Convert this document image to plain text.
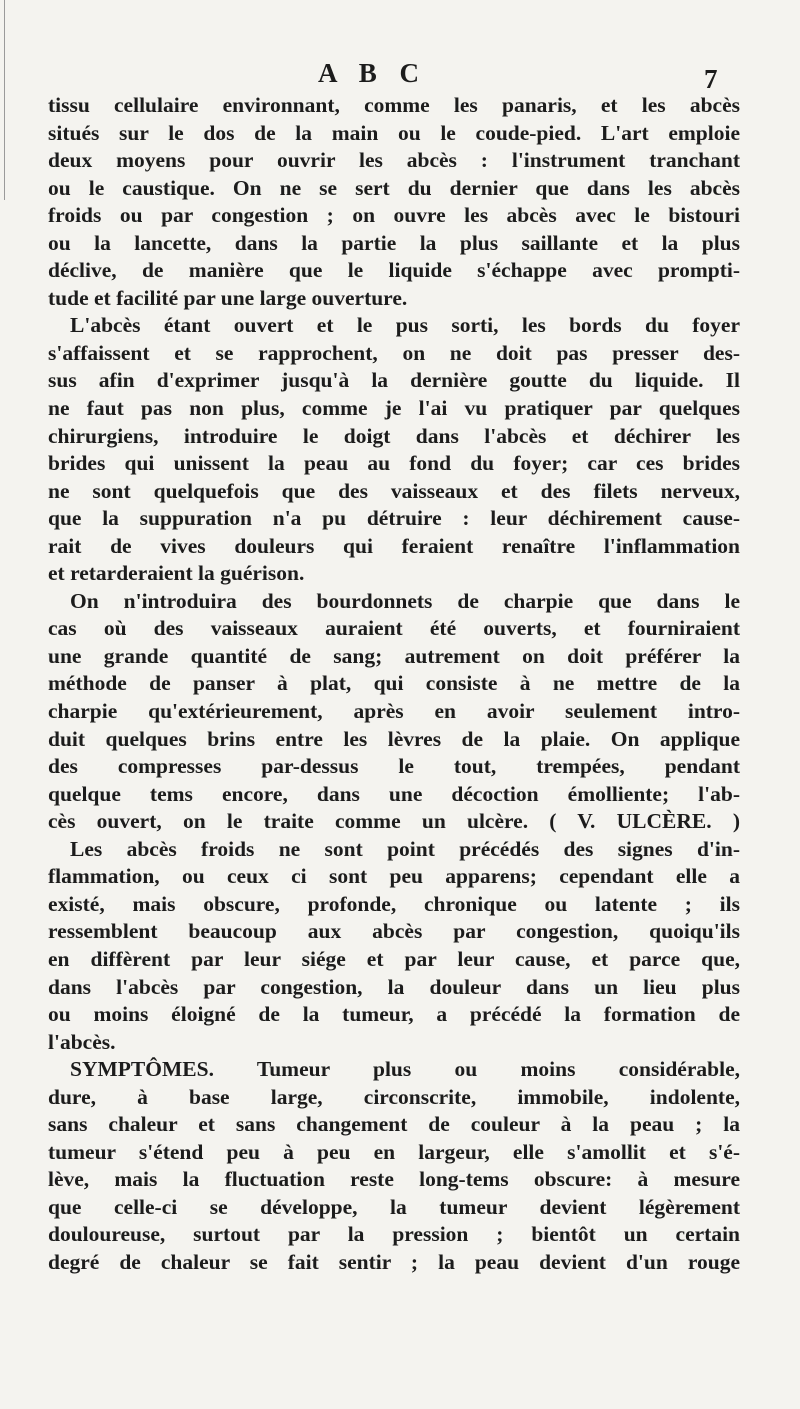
A B C	7
tissu cellulaire environnant, comme les panaris, et les abcès
situés sur le dos de la main ou le coude-pied. L'art emploie
deux moyens pour ouvrir les abcès : l'instrument tranchant
ou le caustique. On ne se sert du dernier que dans les abcès
froids ou par congestion ; on ouvre les abcès avec le bistouri
ou la lancette, dans la partie la plus saillante et la plus
déclive, de manière que le liquide s'échappe avec prompti-
tude et facilité par une large ouverture.
L'abcès étant ouvert et le pus sorti, les bords du foyer
s'affaissent et se rapprochent, on ne doit pas presser des-
sus afin d'exprimer jusqu'à la dernière goutte du liquide. Il
ne faut pas non plus, comme je l'ai vu pratiquer par quelques
chirurgiens, introduire le doigt dans l'abcès et déchirer les
brides qui unissent la peau au fond du foyer; car ces brides
ne sont quelquefois que des vaisseaux et des filets nerveux,
que la suppuration n'a pu détruire : leur déchirement cause-
rait de vives douleurs qui feraient renaître l'inflammation
et retarderaient la guérison.
On n'introduira des bourdonnets de charpie que dans le
cas où des vaisseaux auraient été ouverts, et fourniraient
une grande quantité de sang; autrement on doit préférer la
méthode de panser à plat, qui consiste à ne mettre de la
charpie qu'extérieurement, après en avoir seulement intro-
duit quelques brins entre les lèvres de la plaie. On applique
des compresses par-dessus le tout, trempées, pendant
quelque tems encore, dans une décoction émolliente; l'ab-
cès ouvert, on le traite comme un ulcère. ( V. ULCÈRE. )
Les abcès froids ne sont point précédés des signes d'in-
flammation, ou ceux ci sont peu apparens; cependant elle a
existé, mais obscure, profonde, chronique ou latente ; ils
ressemblent beaucoup aux abcès par congestion, quoiqu'ils
en diffèrent par leur siége et par leur cause, et parce que,
dans l'abcès par congestion, la douleur dans un lieu plus
ou moins éloigné de la tumeur, a précédé la formation de
l'abcès.
SYMPTÔMES. Tumeur plus ou moins considérable,
dure, à base large, circonscrite, immobile, indolente,
sans chaleur et sans changement de couleur à la peau ; la
tumeur s'étend peu à peu en largeur, elle s'amollit et s'é-
lève, mais la fluctuation reste long-tems obscure: à mesure
que celle-ci se développe, la tumeur devient légèrement
douloureuse, surtout par la pression ; bientôt un certain
degré de chaleur se fait sentir ; la peau devient d'un rouge
